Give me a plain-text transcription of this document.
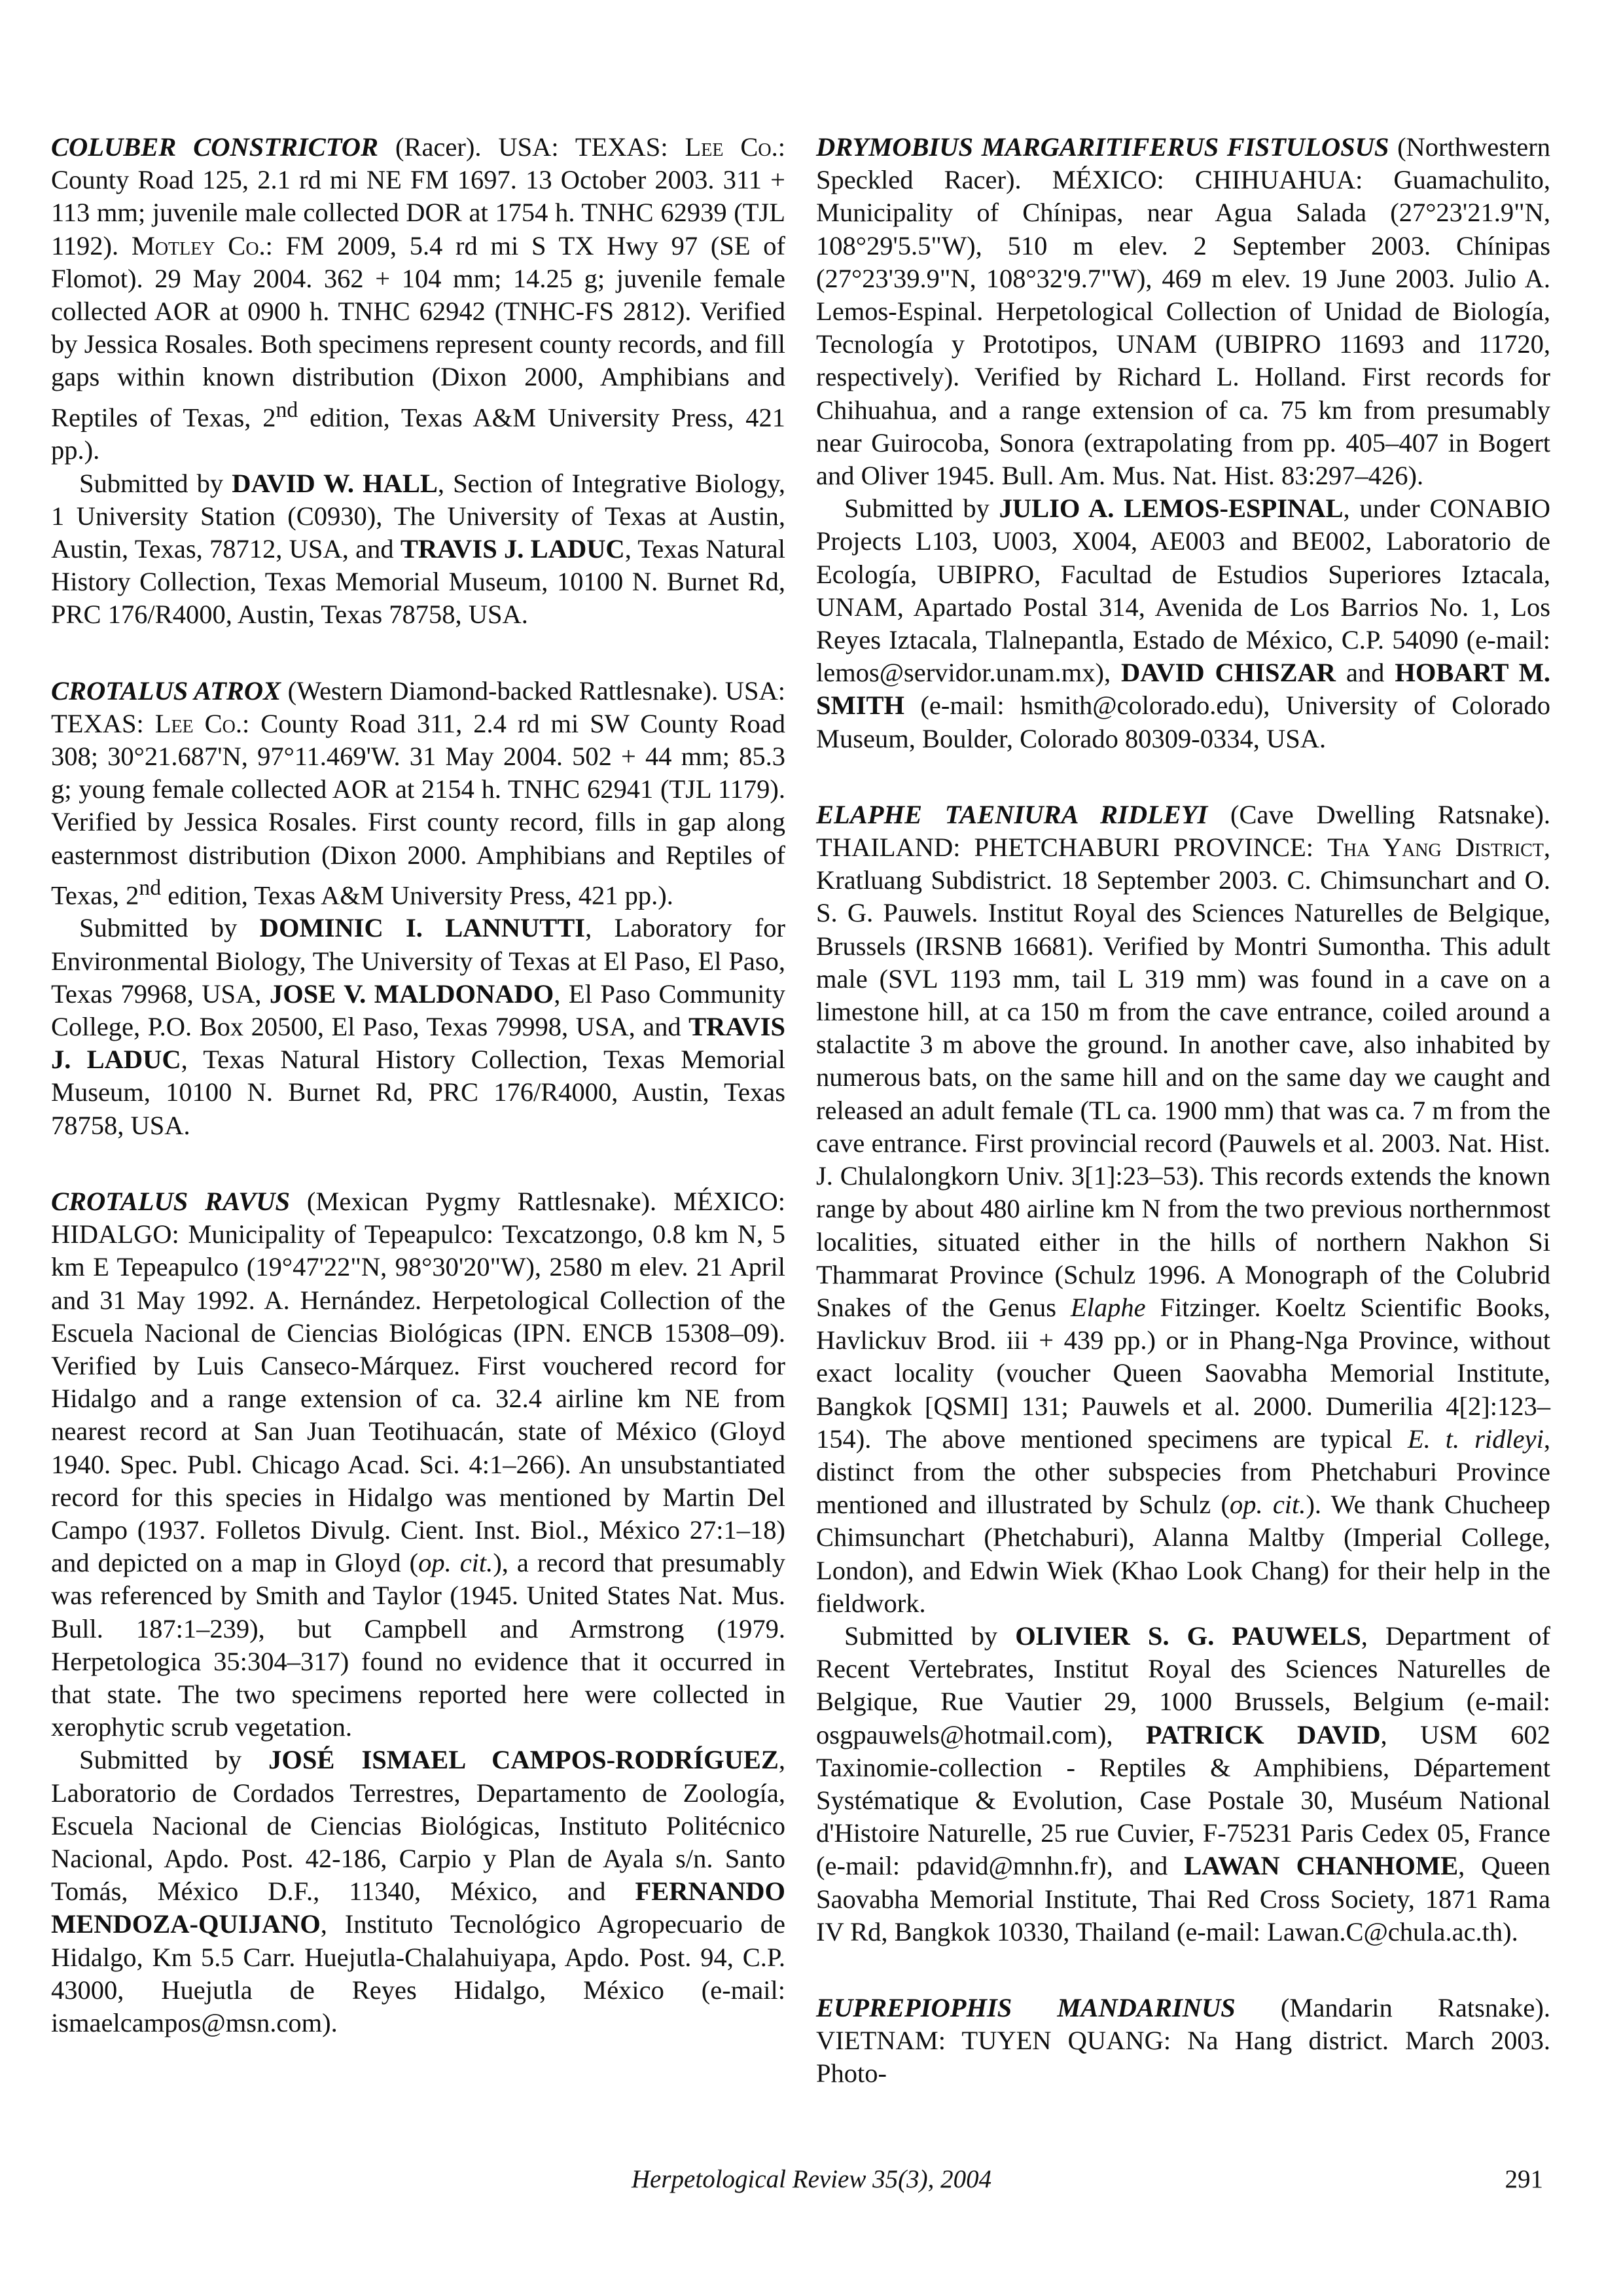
COLUBER CONSTRICTOR (Racer). USA: TEXAS: Lee Co.: County Road 125, 2.1 rd mi NE FM 1697. 13 October 2003. 311 + 113 mm; juvenile male collected DOR at 1754 h. TNHC 62939 (TJL 1192). Motley Co.: FM 2009, 5.4 rd mi S TX Hwy 97 (SE of Flomot). 29 May 2004. 362 + 104 mm; 14.25 g; juvenile female collected AOR at 0900 h. TNHC 62942 (TNHC-FS 2812). Verified by Jessica Rosales. Both specimens represent county records, and fill gaps within known distribution (Dixon 2000, Amphibians and Reptiles of Texas, 2nd edition, Texas A&M University Press, 421 pp.).

Submitted by DAVID W. HALL, Section of Integrative Biology, 1 University Station (C0930), The University of Texas at Austin, Austin, Texas, 78712, USA, and TRAVIS J. LADUC, Texas Natural History Collection, Texas Memorial Museum, 10100 N. Burnet Rd, PRC 176/R4000, Austin, Texas 78758, USA.

CROTALUS ATROX (Western Diamond-backed Rattlesnake). USA: TEXAS: Lee Co.: County Road 311, 2.4 rd mi SW County Road 308; 30°21.687'N, 97°11.469'W. 31 May 2004. 502 + 44 mm; 85.3 g; young female collected AOR at 2154 h. TNHC 62941 (TJL 1179). Verified by Jessica Rosales. First county record, fills in gap along easternmost distribution (Dixon 2000. Amphibians and Reptiles of Texas, 2nd edition, Texas A&M University Press, 421 pp.).

Submitted by DOMINIC I. LANNUTTI, Laboratory for Environmental Biology, The University of Texas at El Paso, El Paso, Texas 79968, USA, JOSE V. MALDONADO, El Paso Community College, P.O. Box 20500, El Paso, Texas 79998, USA, and TRAVIS J. LADUC, Texas Natural History Collection, Texas Memorial Museum, 10100 N. Burnet Rd, PRC 176/R4000, Austin, Texas 78758, USA.

CROTALUS RAVUS (Mexican Pygmy Rattlesnake). MÉXICO: HIDALGO: Municipality of Tepeapulco: Texcatzongo, 0.8 km N, 5 km E Tepeapulco (19°47'22"N, 98°30'20"W), 2580 m elev. 21 April and 31 May 1992. A. Hernández. Herpetological Collection of the Escuela Nacional de Ciencias Biológicas (IPN. ENCB 15308–09). Verified by Luis Canseco-Márquez. First vouchered record for Hidalgo and a range extension of ca. 32.4 airline km NE from nearest record at San Juan Teotihuacán, state of México (Gloyd 1940. Spec. Publ. Chicago Acad. Sci. 4:1–266). An unsubstantiated record for this species in Hidalgo was mentioned by Martin Del Campo (1937. Folletos Divulg. Cient. Inst. Biol., México 27:1–18) and depicted on a map in Gloyd (op. cit.), a record that presumably was referenced by Smith and Taylor (1945. United States Nat. Mus. Bull. 187:1–239), but Campbell and Armstrong (1979. Herpetologica 35:304–317) found no evidence that it occurred in that state. The two specimens reported here were collected in xerophytic scrub vegetation.

Submitted by JOSÉ ISMAEL CAMPOS-RODRÍGUEZ, Laboratorio de Cordados Terrestres, Departamento de Zoología, Escuela Nacional de Ciencias Biológicas, Instituto Politécnico Nacional, Apdo. Post. 42-186, Carpio y Plan de Ayala s/n. Santo Tomás, México D.F., 11340, México, and FERNANDO MENDOZA-QUIJANO, Instituto Tecnológico Agropecuario de Hidalgo, Km 5.5 Carr. Huejutla-Chalahuiyapa, Apdo. Post. 94, C.P. 43000, Huejutla de Reyes Hidalgo, México (e-mail: ismaelcampos@msn.com).

DRYMOBIUS MARGARITIFERUS FISTULOSUS (Northwestern Speckled Racer). MÉXICO: CHIHUAHUA: Guamachulito, Municipality of Chínipas, near Agua Salada (27°23'21.9"N, 108°29'5.5"W), 510 m elev. 2 September 2003. Chínipas (27°23'39.9"N, 108°32'9.7"W), 469 m elev. 19 June 2003. Julio A. Lemos-Espinal. Herpetological Collection of Unidad de Biología, Tecnología y Prototipos, UNAM (UBIPRO 11693 and 11720, respectively). Verified by Richard L. Holland. First records for Chihuahua, and a range extension of ca. 75 km from presumably near Guirocoba, Sonora (extrapolating from pp. 405–407 in Bogert and Oliver 1945. Bull. Am. Mus. Nat. Hist. 83:297–426).

Submitted by JULIO A. LEMOS-ESPINAL, under CONABIO Projects L103, U003, X004, AE003 and BE002, Laboratorio de Ecología, UBIPRO, Facultad de Estudios Superiores Iztacala, UNAM, Apartado Postal 314, Avenida de Los Barrios No. 1, Los Reyes Iztacala, Tlalnepantla, Estado de México, C.P. 54090 (e-mail: lemos@servidor.unam.mx), DAVID CHISZAR and HOBART M. SMITH (e-mail: hsmith@colorado.edu), University of Colorado Museum, Boulder, Colorado 80309-0334, USA.

ELAPHE TAENIURA RIDLEYI (Cave Dwelling Ratsnake). THAILAND: PHETCHABURI PROVINCE: Tha Yang District, Kratluang Subdistrict. 18 September 2003. C. Chimsunchart and O. S. G. Pauwels. Institut Royal des Sciences Naturelles de Belgique, Brussels (IRSNB 16681). Verified by Montri Sumontha. This adult male (SVL 1193 mm, tail L 319 mm) was found in a cave on a limestone hill, at ca 150 m from the cave entrance, coiled around a stalactite 3 m above the ground. In another cave, also inhabited by numerous bats, on the same hill and on the same day we caught and released an adult female (TL ca. 1900 mm) that was ca. 7 m from the cave entrance. First provincial record (Pauwels et al. 2003. Nat. Hist. J. Chulalongkorn Univ. 3[1]:23–53). This records extends the known range by about 480 airline km N from the two previous northernmost localities, situated either in the hills of northern Nakhon Si Thammarat Province (Schulz 1996. A Monograph of the Colubrid Snakes of the Genus Elaphe Fitzinger. Koeltz Scientific Books, Havlickuv Brod. iii + 439 pp.) or in Phang-Nga Province, without exact locality (voucher Queen Saovabha Memorial Institute, Bangkok [QSMI] 131; Pauwels et al. 2000. Dumerilia 4[2]:123–154). The above mentioned specimens are typical E. t. ridleyi, distinct from the other subspecies from Phetchaburi Province mentioned and illustrated by Schulz (op. cit.). We thank Chucheep Chimsunchart (Phetchaburi), Alanna Maltby (Imperial College, London), and Edwin Wiek (Khao Look Chang) for their help in the fieldwork.

Submitted by OLIVIER S. G. PAUWELS, Department of Recent Vertebrates, Institut Royal des Sciences Naturelles de Belgique, Rue Vautier 29, 1000 Brussels, Belgium (e-mail: osgpauwels@hotmail.com), PATRICK DAVID, USM 602 Taxinomie-collection - Reptiles & Amphibiens, Département Systématique & Evolution, Case Postale 30, Muséum National d'Histoire Naturelle, 25 rue Cuvier, F-75231 Paris Cedex 05, France (e-mail: pdavid@mnhn.fr), and LAWAN CHANHOME, Queen Saovabha Memorial Institute, Thai Red Cross Society, 1871 Rama IV Rd, Bangkok 10330, Thailand (e-mail: Lawan.C@chula.ac.th).

EUPREPIOPHIS MANDARINUS (Mandarin Ratsnake). VIETNAM: TUYEN QUANG: Na Hang district. March 2003. Photo-

Herpetological Review 35(3), 2004	291
